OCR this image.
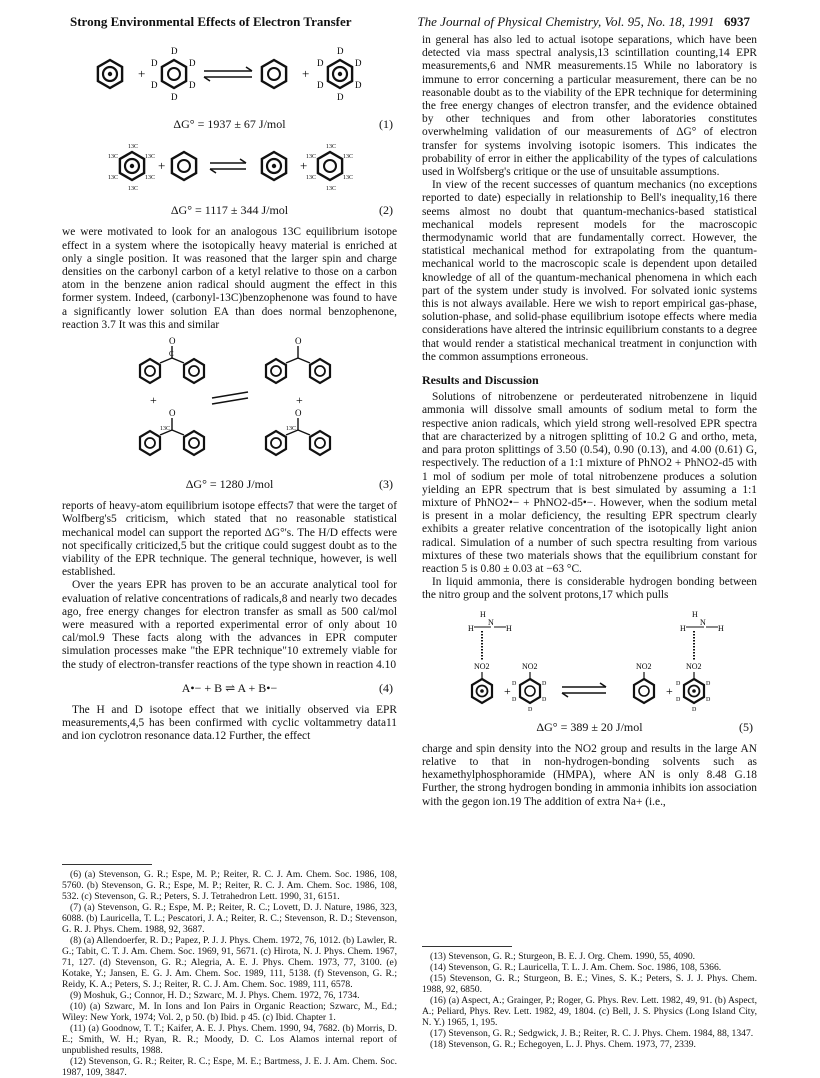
Strong Environmental Effects of Electron Transfer	The Journal of Physical Chemistry, Vol. 95, No. 18, 1991 6937
+
D
D	D
D	D
D
+
D
D	D
D	D
D
ΔG° = 1937 ± 67 J/mol	(1)
13C
13C	13C
13C	13C
13C
+	+
13C
13C	13C
13C	13C
13C
ΔG° = 1117 ± 344 J/mol	(2)

we were motivated to look for an analogous 13C equilibrium isotope effect in a system where the isotopically heavy material is enriched at only a single position. It was reasoned that the larger spin and charge densities on the carbonyl carbon of a ketyl relative to those on a carbon atom in the benzene anion radical should augment the effect in this former system. Indeed, (carbonyl-13C)benzophenone was found to have a significantly lower solution EA than does normal benzophenone, reaction 3.7 It was this and similar

O
C
+	+
O
O
13C
O
13C
ΔG° = 1280 J/mol	(3)

reports of heavy-atom equilibrium isotope effects7 that were the target of Wolfberg's5 criticism, which stated that no reasonable statistical mechanical model can support the reported ΔG°'s. The H/D effects were not specifically criticized,5 but the critique could suggest doubt as to the viability of the EPR technique. The general technique, however, is well established.

Over the years EPR has proven to be an accurate analytical tool for evaluation of relative concentrations of radicals,8 and nearly two decades ago, free energy changes for electron transfer as small as 500 cal/mol were measured with a reported experimental error of only about 10 cal/mol.9 These facts along with the advances in EPR computer simulation processes make "the EPR technique"10 extremely viable for the study of electron-transfer reactions of the type shown in reaction 4.10

A•− + B ⇌ A + B•−	(4)

The H and D isotope effect that we initially observed via EPR measurements,4,5 has been confirmed with cyclic voltammetry data11 and ion cyclotron resonance data.12 Further, the effect

(6) (a) Stevenson, G. R.; Espe, M. P.; Reiter, R. C. J. Am. Chem. Soc. 1986, 108, 5760. (b) Stevenson, G. R.; Espe, M. P.; Reiter, R. C. J. Am. Chem. Soc. 1986, 108, 532. (c) Stevenson, G. R.; Peters, S. J. Tetrahedron Lett. 1990, 31, 6151.
(7) (a) Stevenson, G. R.; Espe, M. P.; Reiter, R. C.; Lovett, D. J. Nature, 1986, 323, 6088. (b) Lauricella, T. L.; Pescatori, J. A.; Reiter, R. C.; Stevenson, R. D.; Stevenson, G. R. J. Phys. Chem. 1988, 92, 3687.
(8) (a) Allendoerfer, R. D.; Papez, P. J. J. Phys. Chem. 1972, 76, 1012. (b) Lawler, R. G.; Tabit, C. T. J. Am. Chem. Soc. 1969, 91, 5671. (c) Hirota, N. J. Phys. Chem. 1967, 71, 127. (d) Stevenson, G. R.; Alegria, A. E. J. Phys. Chem. 1973, 77, 3100. (e) Kotake, Y.; Jansen, E. G. J. Am. Chem. Soc. 1989, 111, 5138. (f) Stevenson, G. R.; Reidy, K. A.; Peters, S. J.; Reiter, R. C. J. Am. Chem. Soc. 1989, 111, 6578.
(9) Moshuk, G.; Connor, H. D.; Szwarc, M. J. Phys. Chem. 1972, 76, 1734.
(10) (a) Szwarc, M. In Ions and Ion Pairs in Organic Reaction; Szwarc, M., Ed.; Wiley: New York, 1974; Vol. 2, p 50. (b) Ibid. p 45. (c) Ibid. Chapter 1.
(11) (a) Goodnow, T. T.; Kaifer, A. E. J. Phys. Chem. 1990, 94, 7682. (b) Morris, D. E.; Smith, W. H.; Ryan, R. R.; Moody, D. C. Los Alamos internal report of unpublished results, 1988.
(12) Stevenson, G. R.; Reiter, R. C.; Espe, M. E.; Bartmess, J. E. J. Am. Chem. Soc. 1987, 109, 3847.

in general has also led to actual isotope separations, which have been detected via mass spectral analysis,13 scintillation counting,14 EPR measurements,6 and NMR measurements.15 While no laboratory is immune to error concerning a particular measurement, there can be no reasonable doubt as to the viability of the EPR technique for determining the free energy changes of electron transfer, and the evidence obtained by other techniques and from other laboratories constitutes overwhelming validation of our measurements of ΔG° of electron transfer for systems involving isotopic isomers. This indicates the probability of error in either the applicability of the types of calculations used in Wolfsberg's critique or the use of unsuitable assumptions.

In view of the recent successes of quantum mechanics (no exceptions reported to date) especially in relationship to Bell's inequality,16 there seems almost no doubt that quantum-mechanics-based statistical mechanical models represent models for the macroscopic thermodynamic world that are fundamentally correct. However, the statistical mechanical method for extrapolating from the quantum-mechanical world to the macroscopic scale is dependent upon detailed knowledge of all of the quantum-mechanical phenomena in which each part of the system under study is involved. For solvated ionic systems this is not always available. Here we wish to report empirical gas-phase, solution-phase, and solid-phase equilibrium isotope effects where media considerations have altered the intrinsic equilibrium constants to a degree that would render a statistical mechanical treatment in conjunction with the common assumptions erroneous.

Results and Discussion

Solutions of nitrobenzene or perdeuterated nitrobenzene in liquid ammonia will dissolve small amounts of sodium metal to form the respective anion radicals, which yield strong well-resolved EPR spectra that are characterized by a nitrogen splitting of 10.2 G and ortho, meta, and para proton splittings of 3.50 (0.54), 0.90 (0.13), and 4.00 (0.61) G, respectively. The reduction of a 1:1 mixture of PhNO2 + PhNO2-d5 with 1 mol of sodium per mole of total nitrobenzene produces a solution yielding an EPR spectrum that is best simulated by assuming a 1:1 mixture of PhNO2•− + PhNO2-d5•−. However, when the sodium metal is present in a molar deficiency, the resulting EPR spectrum clearly exhibits a greater relative concentration of the isotopically light anion radical. Simulation of a number of such spectra resulting from various mixtures of these two materials shows that the equilibrium constant for reaction 5 is 0.80 ± 0.03 at −63 °C.

In liquid ammonia, there is considerable hydrogen bonding between the nitro group and the solvent protons,17 which pulls

H
N
H	H
H
N
H	H
NO2
+
NO2
D	D
D	D
D
NO2
+
NO2
D	D
D	D
D
ΔG° = 389 ± 20 J/mol	(5)

charge and spin density into the NO2 group and results in the large AN relative to that in non-hydrogen-bonding solvents such as hexamethylphosphoramide (HMPA), where AN is only 8.48 G.18 Further, the strong hydrogen bonding in ammonia inhibits ion association with the gegon ion.19 The addition of extra Na+ (i.e.,

(13) Stevenson, G. R.; Sturgeon, B. E. J. Org. Chem. 1990, 55, 4090.
(14) Stevenson, G. R.; Lauricella, T. L. J. Am. Chem. Soc. 1986, 108, 5366.
(15) Stevenson, G. R.; Sturgeon, B. E.; Vines, S. K.; Peters, S. J. J. Phys. Chem. 1988, 92, 6850.
(16) (a) Aspect, A.; Grainger, P.; Roger, G. Phys. Rev. Lett. 1982, 49, 91. (b) Aspect, A.; Peliard, Phys. Rev. Lett. 1982, 49, 1804. (c) Bell, J. S. Physics (Long Island City, N. Y.) 1965, 1, 195.
(17) Stevenson, G. R.; Sedgwick, J. B.; Reiter, R. C. J. Phys. Chem. 1984, 88, 1347.
(18) Stevenson, G. R.; Echegoyen, L. J. Phys. Chem. 1973, 77, 2339.
